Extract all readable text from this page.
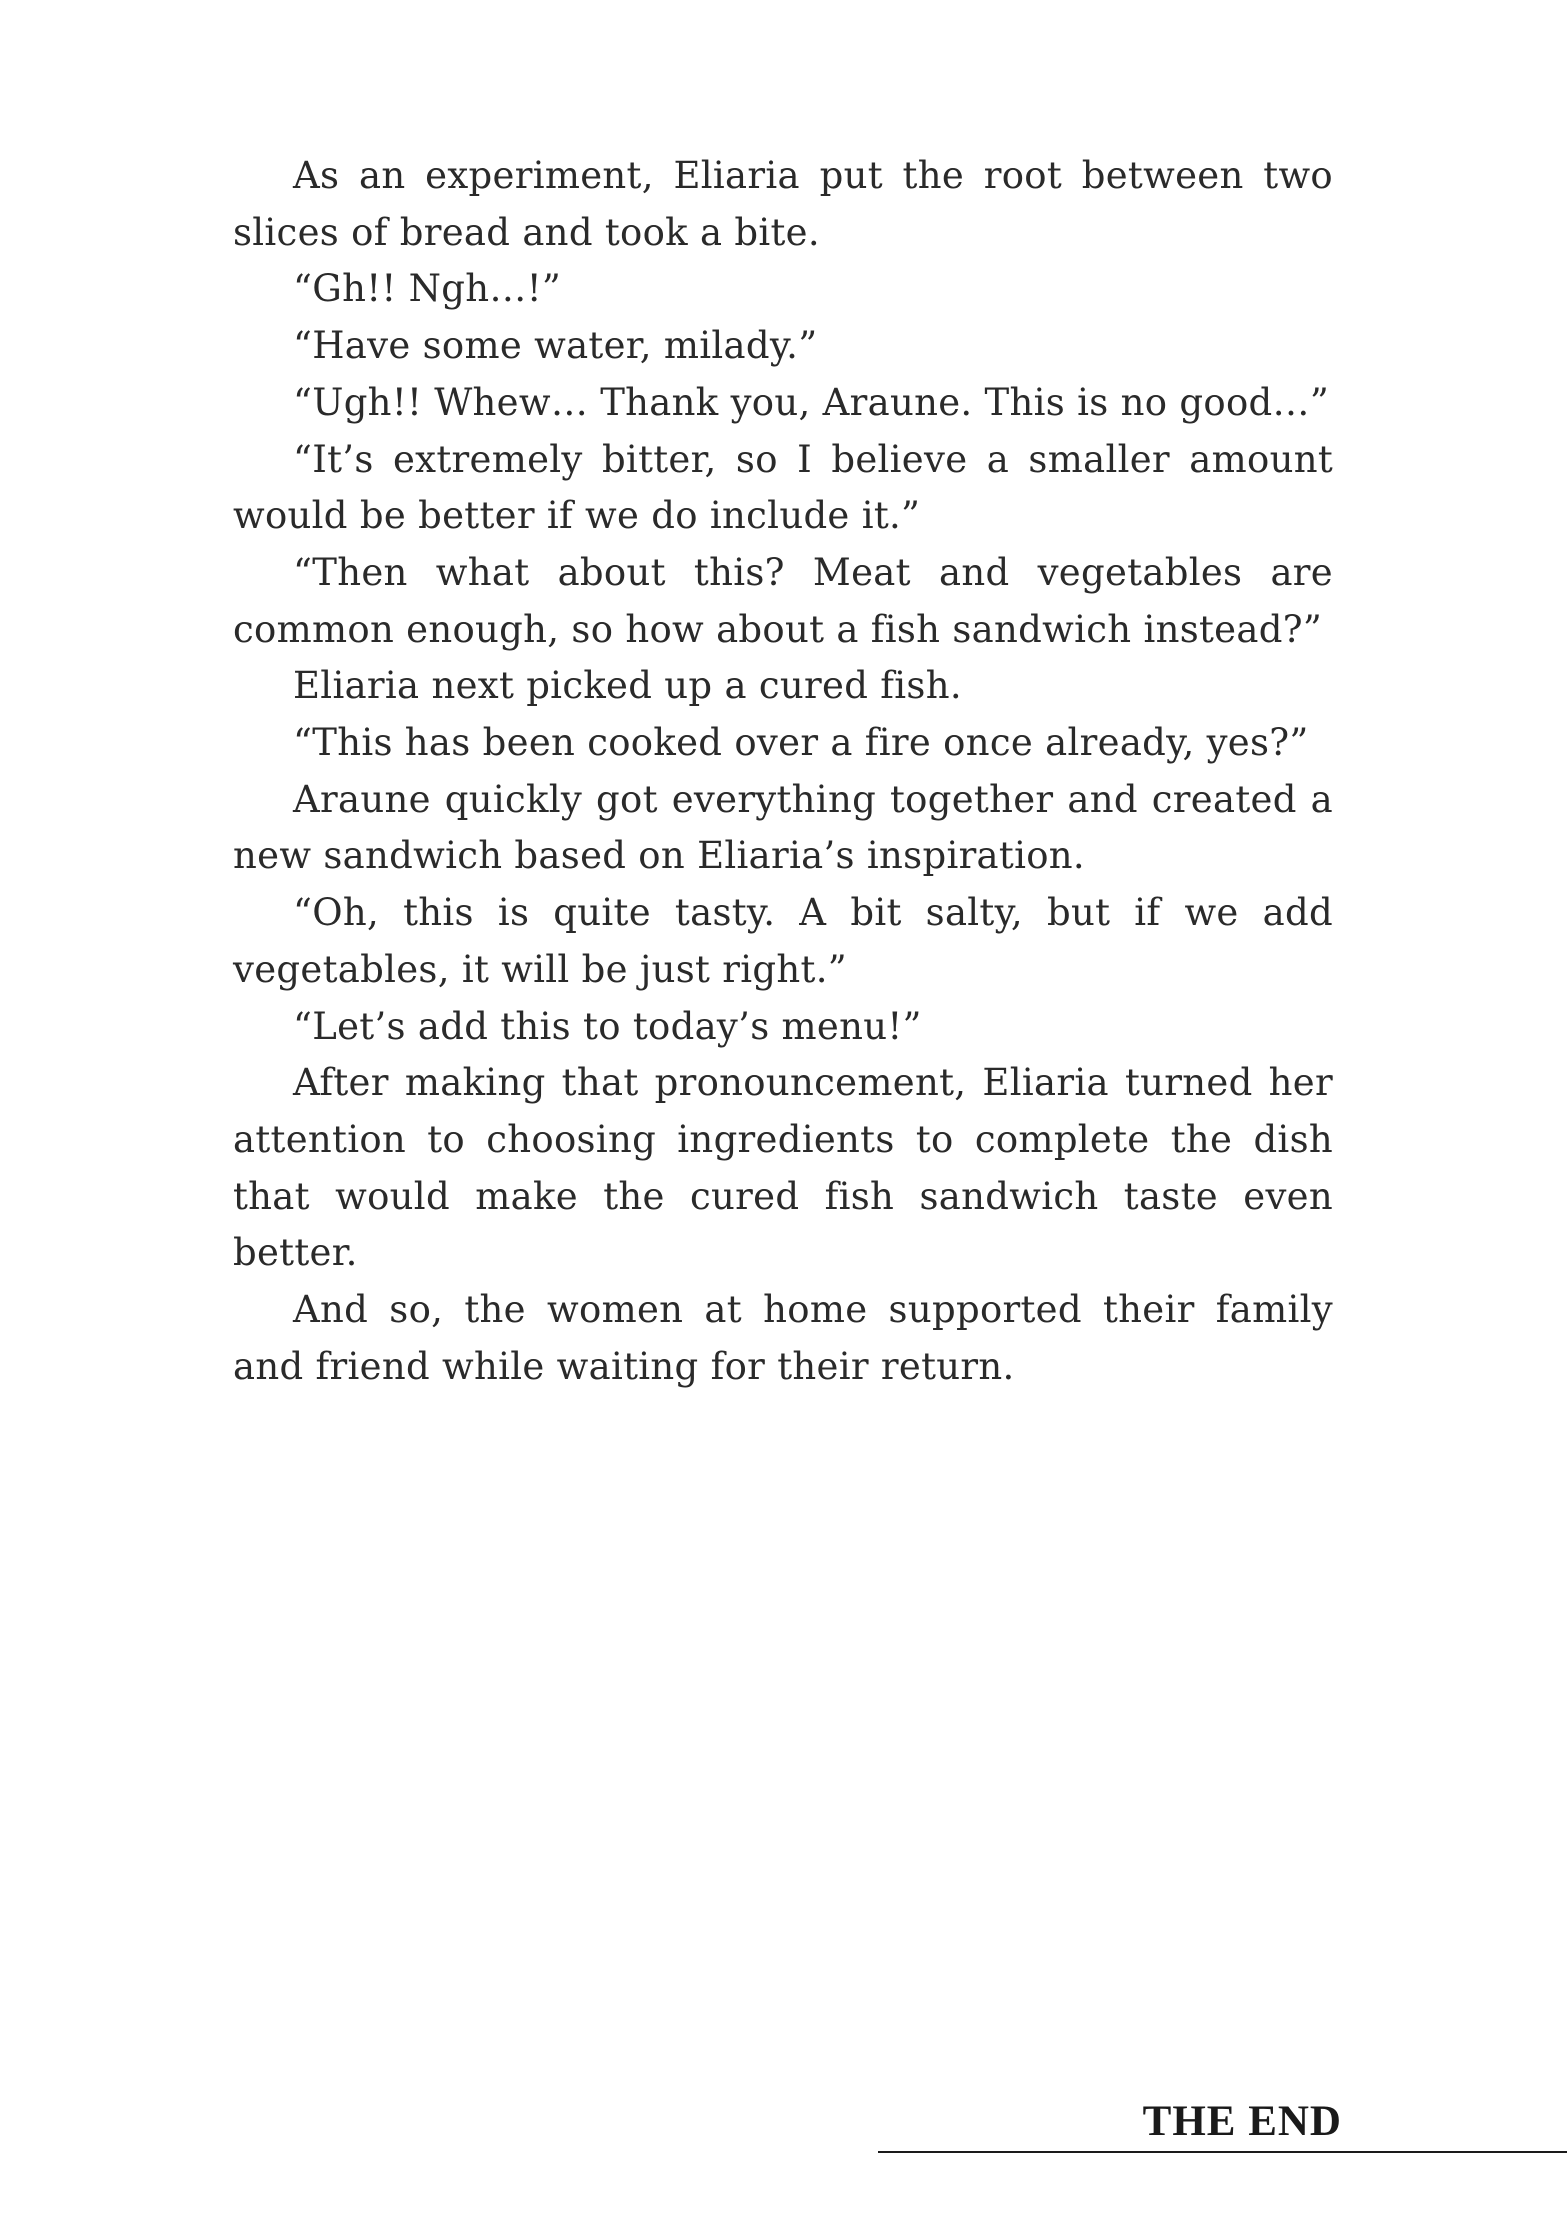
As an experiment, Eliaria put the root between two slices of bread and took a bite.

“Gh!! Ngh…!”

“Have some water, milady.”

“Ugh!! Whew… Thank you, Araune. This is no good…”

“It’s extremely bitter, so I believe a smaller amount would be better if we do include it.”

“Then what about this? Meat and vegetables are common enough, so how about a fish sandwich instead?”

Eliaria next picked up a cured fish.

“This has been cooked over a fire once already, yes?”

Araune quickly got everything together and created a new sandwich based on Eliaria’s inspiration.

“Oh, this is quite tasty. A bit salty, but if we add vegetables, it will be just right.”

“Let’s add this to today’s menu!”

After making that pronouncement, Eliaria turned her attention to choosing ingredients to complete the dish that would make the cured fish sandwich taste even better.

And so, the women at home supported their family and friend while waiting for their return.

THE END
